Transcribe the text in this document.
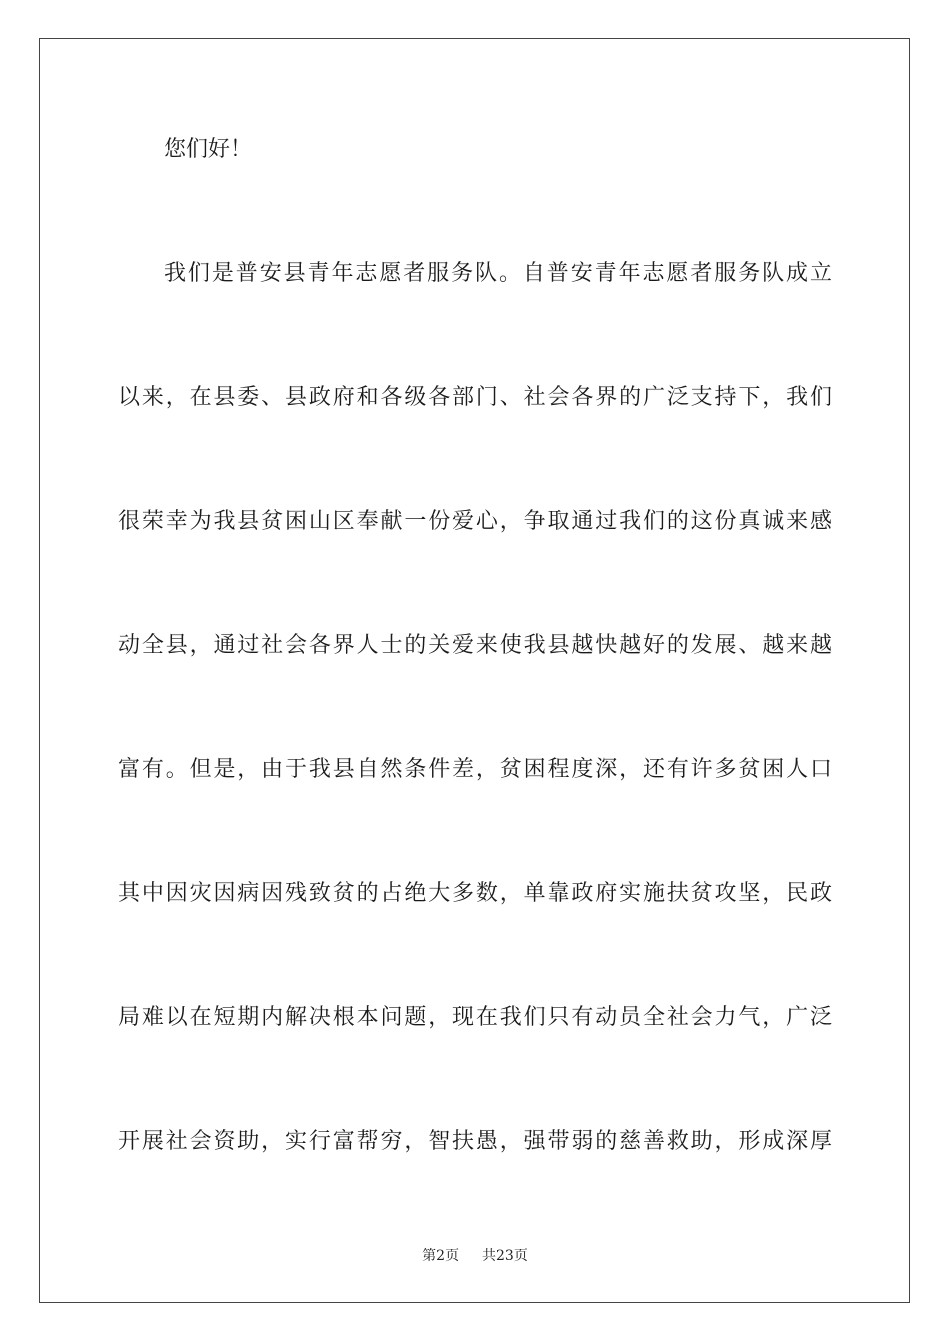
您们好！
我们是普安县青年志愿者服务队。自普安青年志愿者服务队成立
以来，在县委、县政府和各级各部门、社会各界的广泛支持下，我们
很荣幸为我县贫困山区奉献一份爱心，争取通过我们的这份真诚来感
动全县，通过社会各界人士的关爱来使我县越快越好的发展、越来越
富有。但是，由于我县自然条件差，贫困程度深，还有许多贫困人口
其中因灾因病因残致贫的占绝大多数，单靠政府实施扶贫攻坚，民政
局难以在短期内解决根本问题，现在我们只有动员全社会力气，广泛
开展社会资助，实行富帮穷，智扶愚，强带弱的慈善救助，形成深厚
第2页 共23页
